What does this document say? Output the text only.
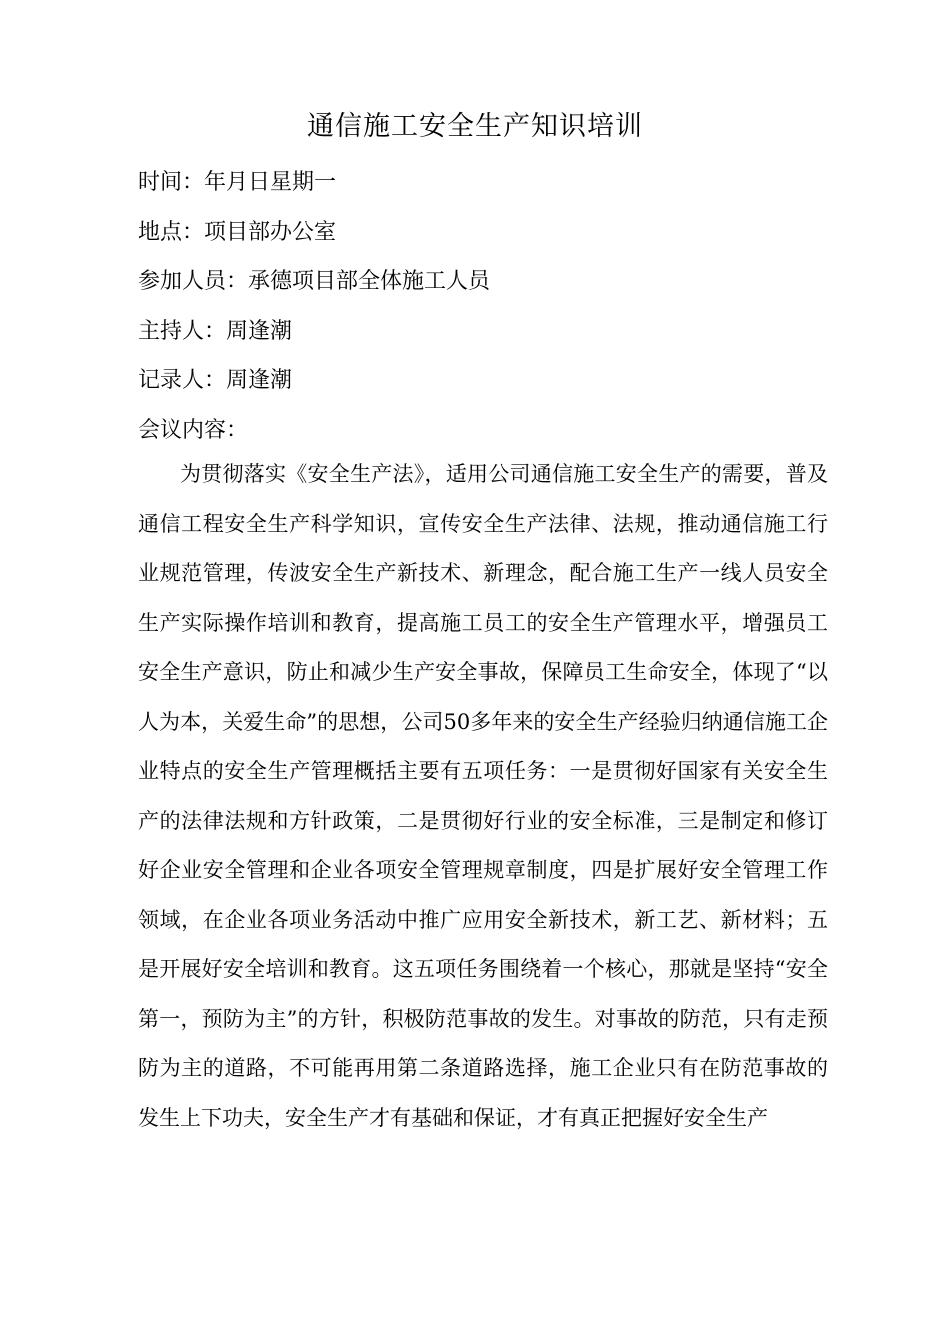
通信施工安全生产知识培训
时间：年月日星期一
地点：项目部办公室
参加人员：承德项目部全体施工人员
主持人：周逢潮
记录人：周逢潮
会议内容：

为贯彻落实《安全生产法》，适用公司通信施工安全生产的需要，普及通信工程安全生产科学知识，宣传安全生产法律、法规，推动通信施工行业规范管理，传波安全生产新技术、新理念，配合施工生产一线人员安全生产实际操作培训和教育，提高施工员工的安全生产管理水平，增强员工安全生产意识，防止和减少生产安全事故，保障员工生命安全，体现了“以人为本，关爱生命”的思想，公司50多年来的安全生产经验归纳通信施工企业特点的安全生产管理概括主要有五项任务：一是贯彻好国家有关安全生产的法律法规和方针政策，二是贯彻好行业的安全标准，三是制定和修订好企业安全管理和企业各项安全管理规章制度，四是扩展好安全管理工作领域，在企业各项业务活动中推广应用安全新技术，新工艺、新材料；五是开展好安全培训和教育。这五项任务围绕着一个核心，那就是坚持“安全第一，预防为主”的方针，积极防范事故的发生。对事故的防范，只有走预防为主的道路，不可能再用第二条道路选择，施工企业只有在防范事故的发生上下功夫，安全生产才有基础和保证，才有真正把握好安全生产
